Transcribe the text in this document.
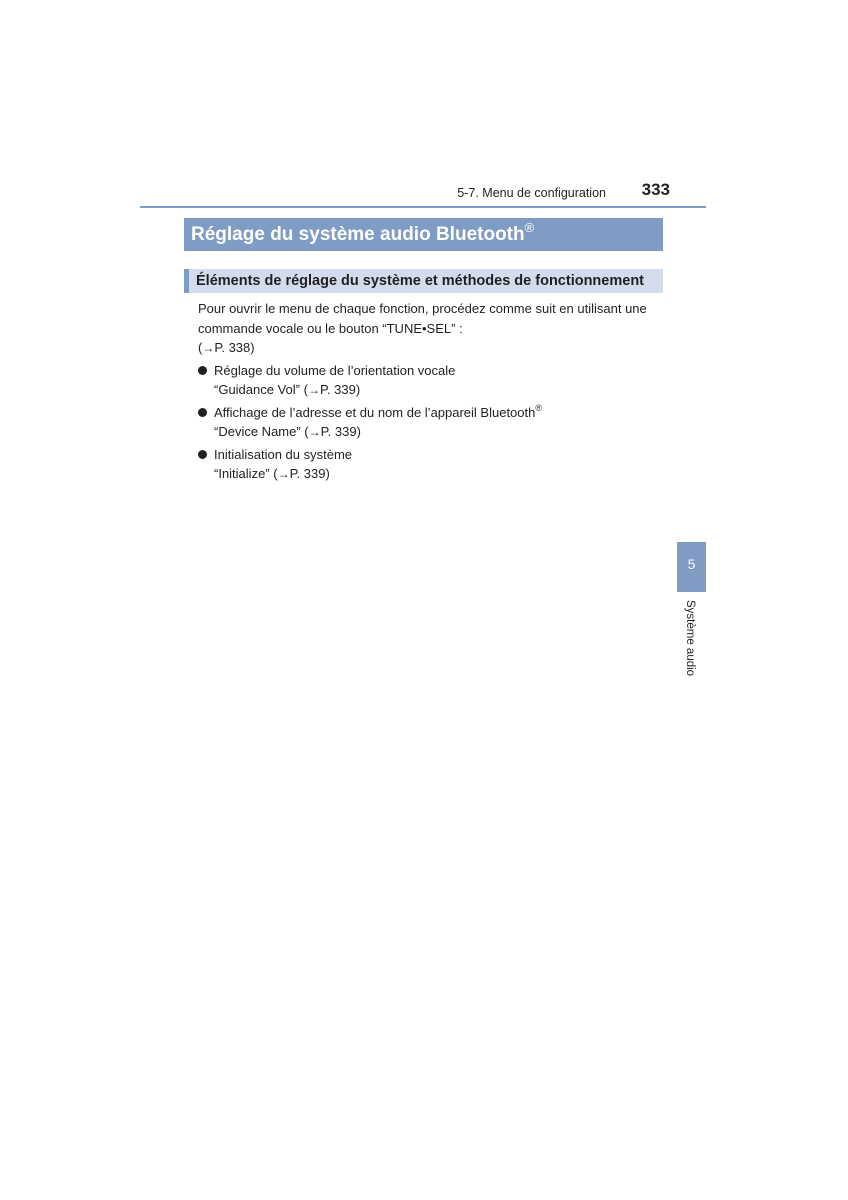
5-7. Menu de configuration 333
Réglage du système audio Bluetooth®
Éléments de réglage du système et méthodes de fonctionnement

Pour ouvrir le menu de chaque fonction, procédez comme suit en utilisant une
commande vocale ou le bouton “TUNE•SEL” :
(→P. 338)

Réglage du volume de l’orientation vocale
“Guidance Vol” (→P. 339)
Affichage de l’adresse et du nom de l’appareil Bluetooth®
“Device Name” (→P. 339)
Initialisation du système
“Initialize” (→P. 339)
5
Système audio
